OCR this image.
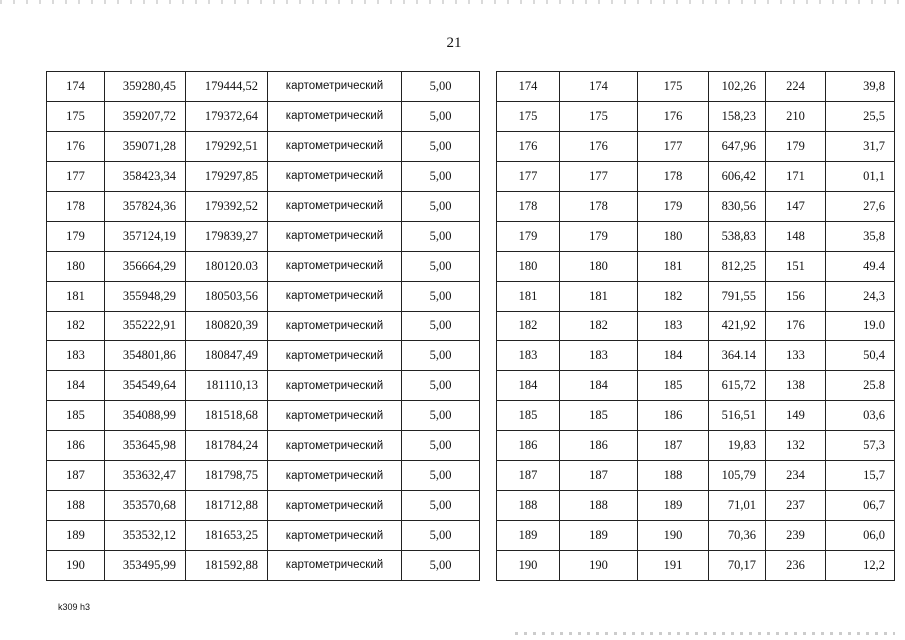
21
174	359280,45	179444,52	картометрический	5,00
175	359207,72	179372,64	картометрический	5,00
176	359071,28	179292,51	картометрический	5,00
177	358423,34	179297,85	картометрический	5,00
178	357824,36	179392,52	картометрический	5,00
179	357124,19	179839,27	картометрический	5,00
180	356664,29	180120.03	картометрический	5,00
181	355948,29	180503,56	картометрический	5,00
182	355222,91	180820,39	картометрический	5,00
183	354801,86	180847,49	картометрический	5,00
184	354549,64	181110,13	картометрический	5,00
185	354088,99	181518,68	картометрический	5,00
186	353645,98	181784,24	картометрический	5,00
187	353632,47	181798,75	картометрический	5,00
188	353570,68	181712,88	картометрический	5,00
189	353532,12	181653,25	картометрический	5,00
190	353495,99	181592,88	картометрический	5,00
174	174	175	102,26	224	39,8
175	175	176	158,23	210	25,5
176	176	177	647,96	179	31,7
177	177	178	606,42	171	01,1
178	178	179	830,56	147	27,6
179	179	180	538,83	148	35,8
180	180	181	812,25	151	49.4
181	181	182	791,55	156	24,3
182	182	183	421,92	176	19.0
183	183	184	364.14	133	50,4
184	184	185	615,72	138	25.8
185	185	186	516,51	149	03,6
186	186	187	19,83	132	57,3
187	187	188	105,79	234	15,7
188	188	189	71,01	237	06,7
189	189	190	70,36	239	06,0
190	190	191	70,17	236	12,2
k309 h3
